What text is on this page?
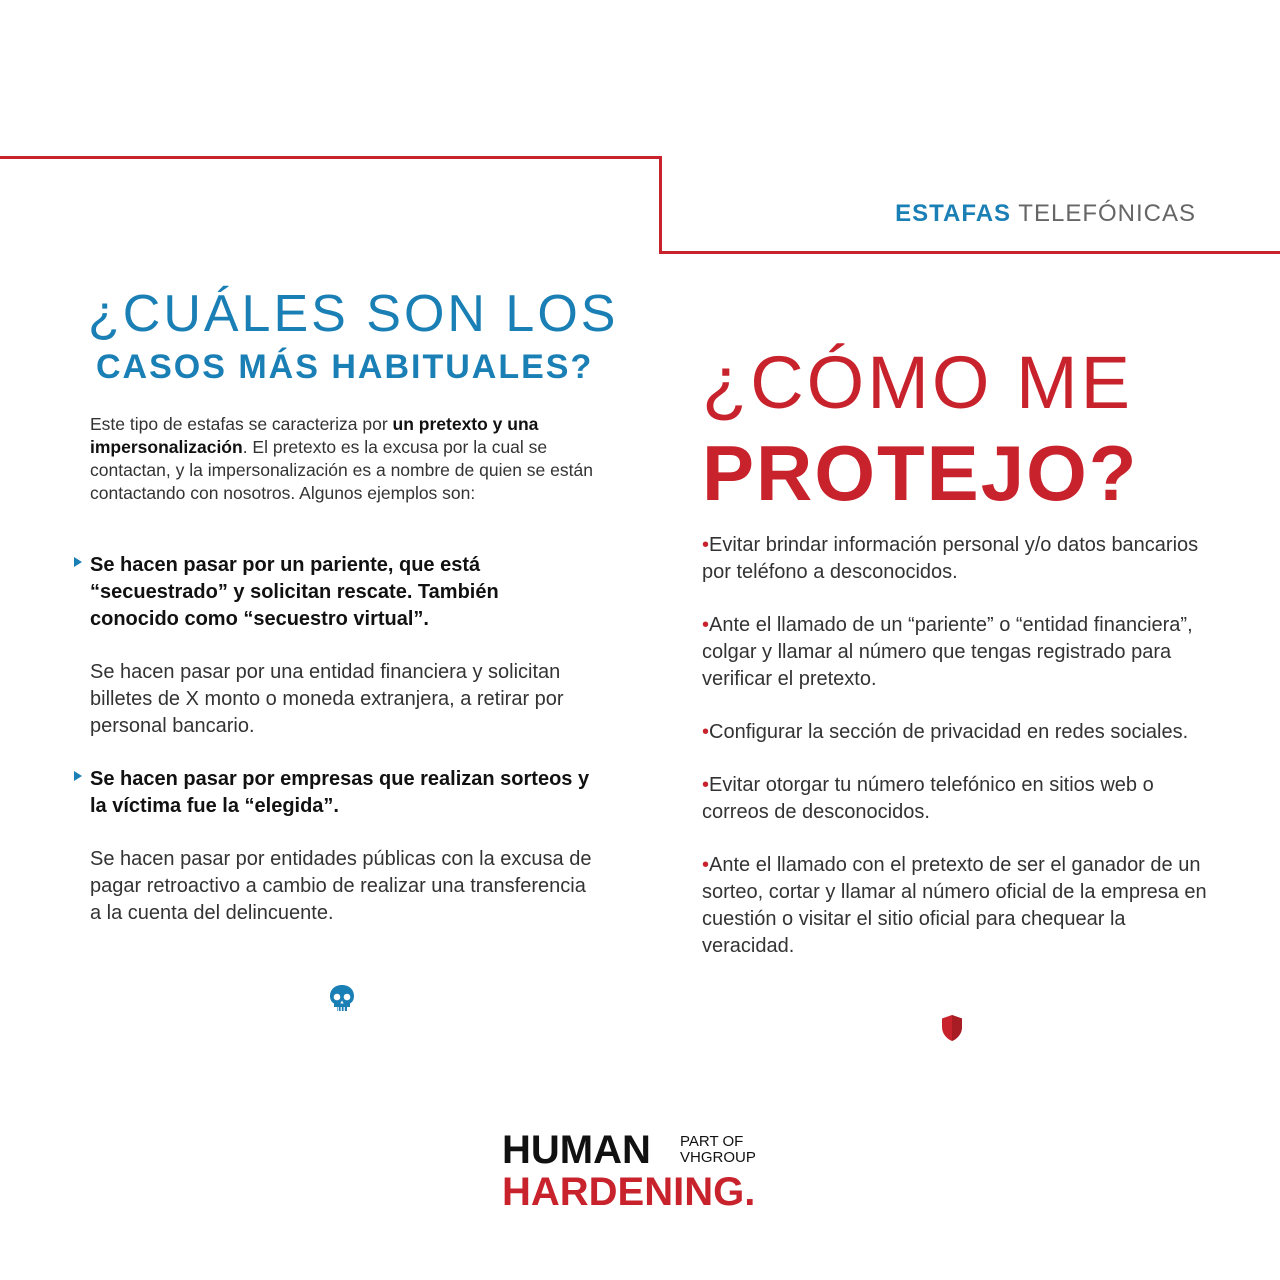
ESTAFAS TELEFÓNICAS
¿CUÁLES SON LOS
CASOS MÁS HABITUALES?
Este tipo de estafas se caracteriza por un pretexto y una impersonalización. El pretexto es la excusa por la cual se contactan, y la impersonalización es a nombre de quien se están contactando con nosotros. Algunos ejemplos son:
Se hacen pasar por un pariente, que está “secuestrado” y solicitan rescate. También conocido como “secuestro virtual”.
Se hacen pasar por una entidad financiera y solicitan billetes de X monto o moneda extranjera, a retirar por personal bancario.
Se hacen pasar por empresas que realizan sorteos y la víctima fue la “elegida”.
Se hacen pasar por entidades públicas con la excusa de pagar retroactivo a cambio de realizar una transferencia a la cuenta del delincuente.
¿CÓMO ME
PROTEJO?
•Evitar brindar información personal y/o datos bancarios por teléfono a desconocidos.
•Ante el llamado de un “pariente” o “entidad financiera”, colgar y llamar al número que tengas registrado para verificar el pretexto.
•Configurar la sección de privacidad en redes sociales.
•Evitar otorgar tu número telefónico en sitios web o correos de desconocidos.
•Ante el llamado con el pretexto de ser el ganador de un sorteo, cortar y llamar al número oficial de la empresa en cuestión o visitar el sitio oficial para chequear la veracidad.
HUMAN PART OF
VHGROUP
HARDENING.
